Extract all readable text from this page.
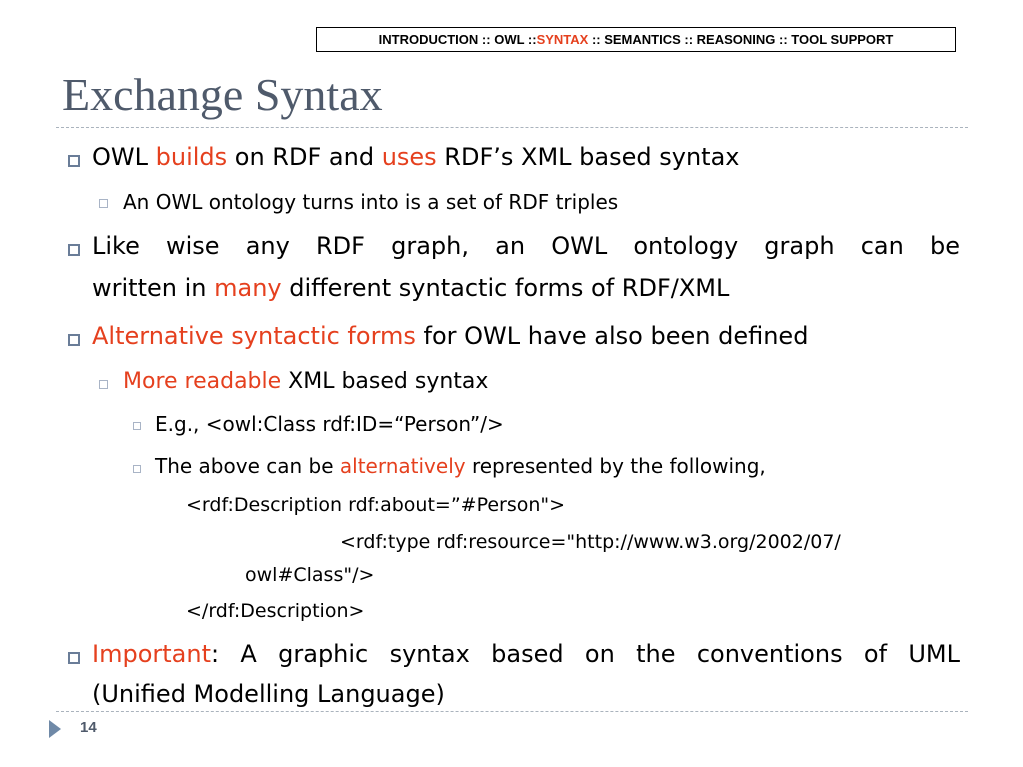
INTRODUCTION ::
OWL :: SYNTAX :: SEMANTICS :: REASONING :: TOOL SUPPORT
Exchange Syntax
OWL builds on RDF and uses RDF’s XML based syntax
An OWL ontology turns into is a set of RDF triples
Like wise any RDF graph, an OWL ontology graph can be
written in many different syntactic forms of RDF/XML
Alternative syntactic forms for OWL have also been defined
More readable XML based syntax
E.g., <owl:Class rdf:ID=“Person”/>
The above can be alternatively represented by the following,
<rdf:Description rdf:about=”#Person">
<rdf:type rdf:resource="http://www.w3.org/2002/07/
owl#Class"/>
</rdf:Description>
Important: A graphic syntax based on the conventions of UML
(Unified Modelling Language)
14
